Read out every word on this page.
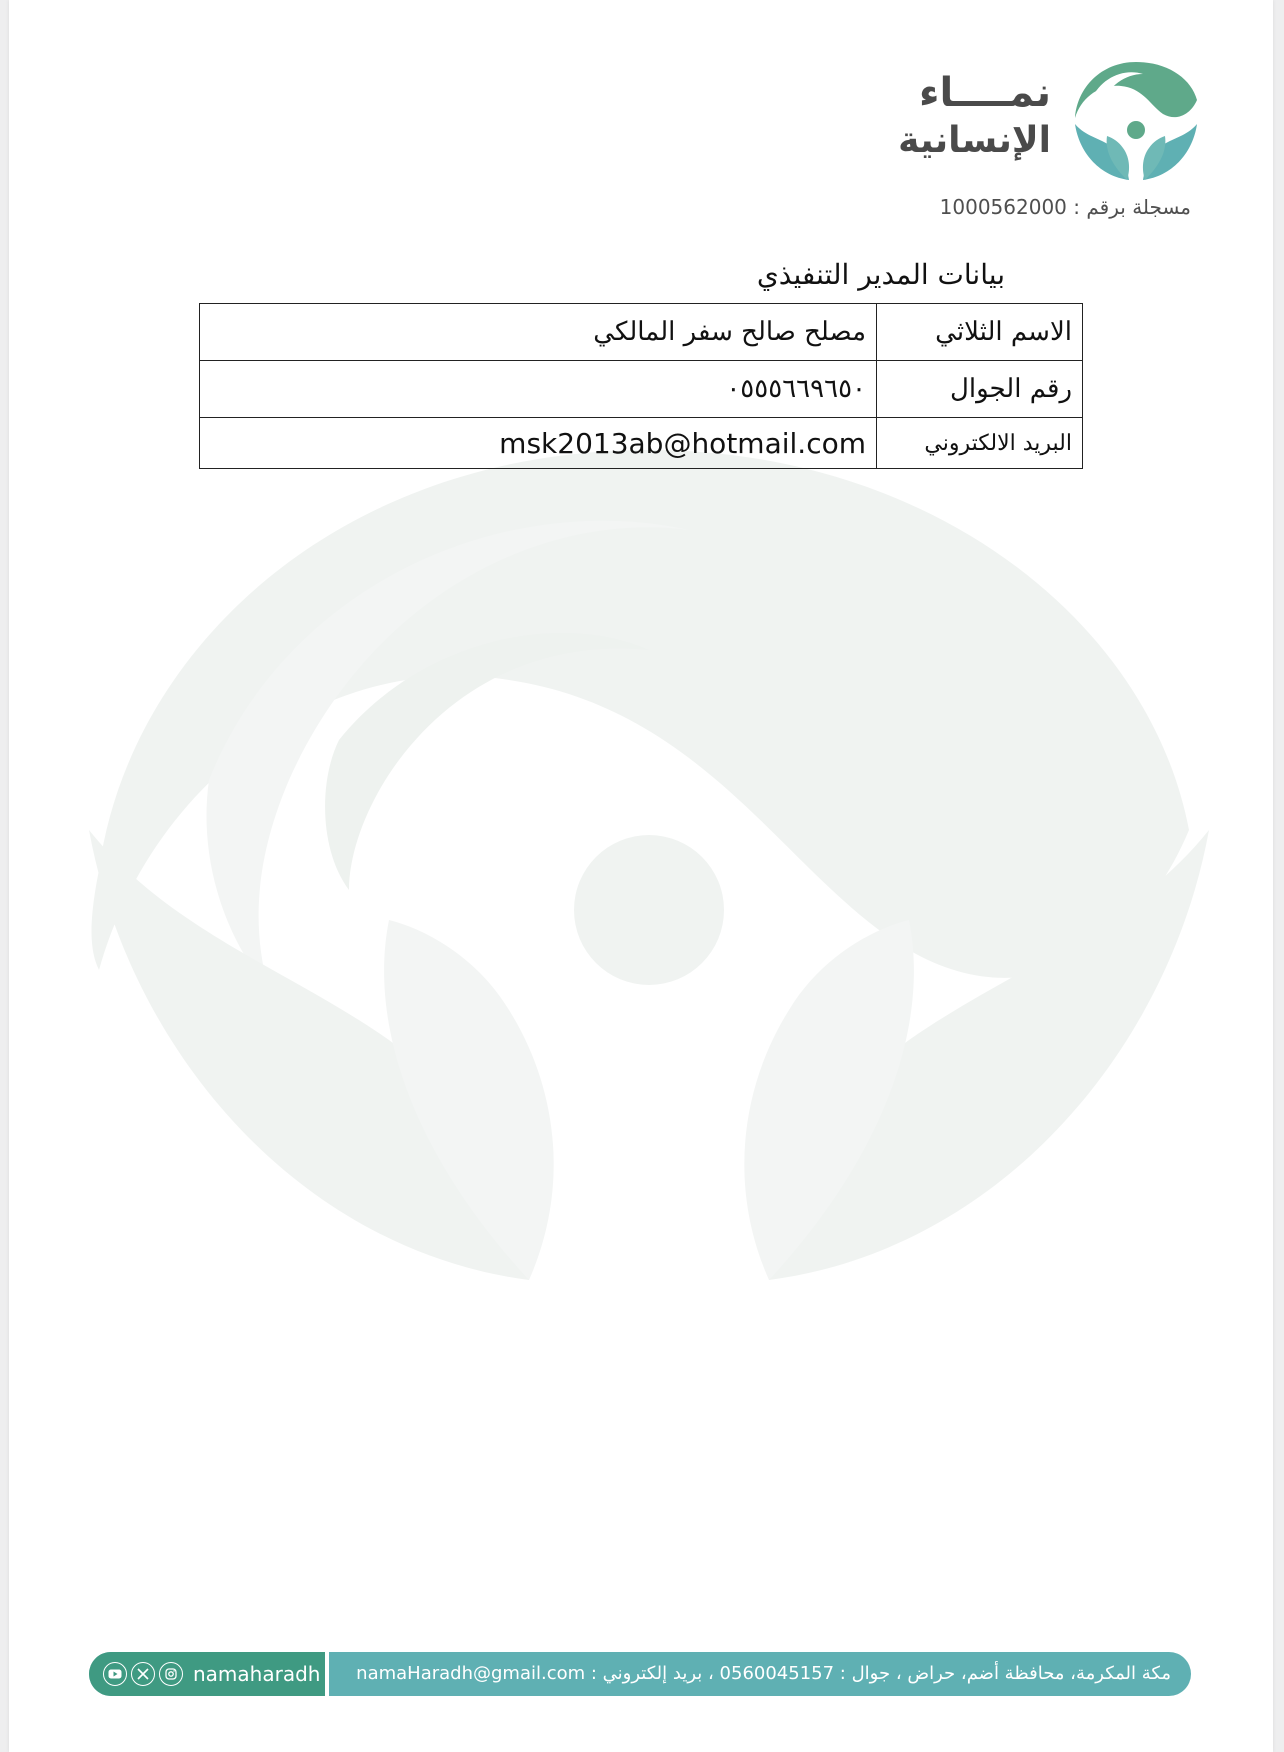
نمــــاء
الإنسانية
مسجلة برقم : 1000562000
بيانات المدير التنفيذي
الاسم الثلاثي	مصلح صالح سفر المالكي
رقم الجوال	٠٥٥٥٦٦٩٦٥٠
البريد الالكتروني	msk2013ab@hotmail.com
namaharadh مكة المكرمة، محافظة أضم، حراض ، جوال : 0560045157 ، بريد إلكتروني : namaHaradh@gmail.com
